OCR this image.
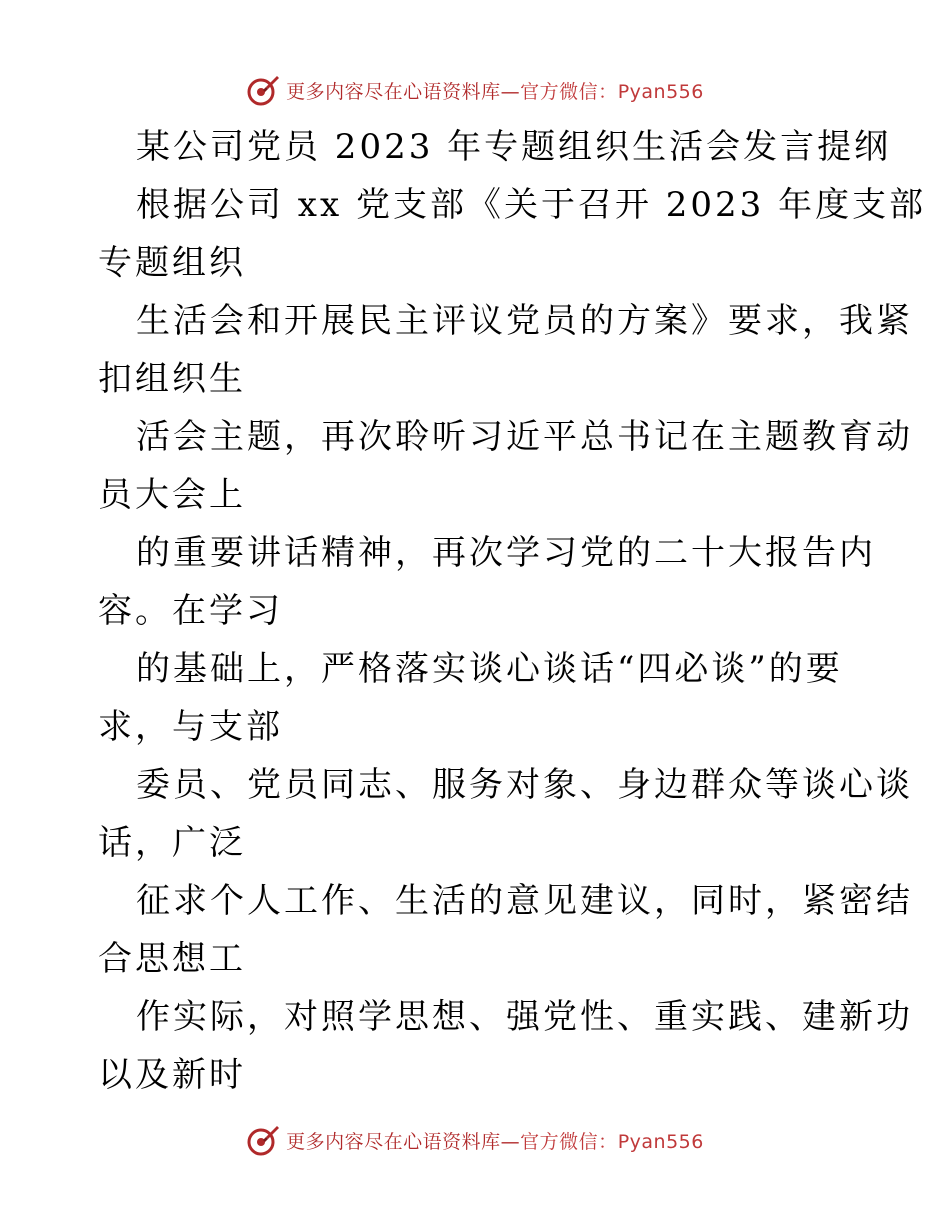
更多内容尽在心语资料库—官方微信：Pyan556
某公司党员 2023 年专题组织生活会发言提纲
根据公司 xx 党支部《关于召开 2023 年度支部
专题组织
生活会和开展民主评议党员的方案》要求，我紧
扣组织生
活会主题，再次聆听习近平总书记在主题教育动
员大会上
的重要讲话精神，再次学习党的二十大报告内
容。在学习
的基础上，严格落实谈心谈话“四必谈”的要
求，与支部
委员、党员同志、服务对象、身边群众等谈心谈
话，广泛
征求个人工作、生活的意见建议，同时，紧密结
合思想工
作实际，对照学思想、强党性、重实践、建新功
以及新时
更多内容尽在心语资料库—官方微信：Pyan556
